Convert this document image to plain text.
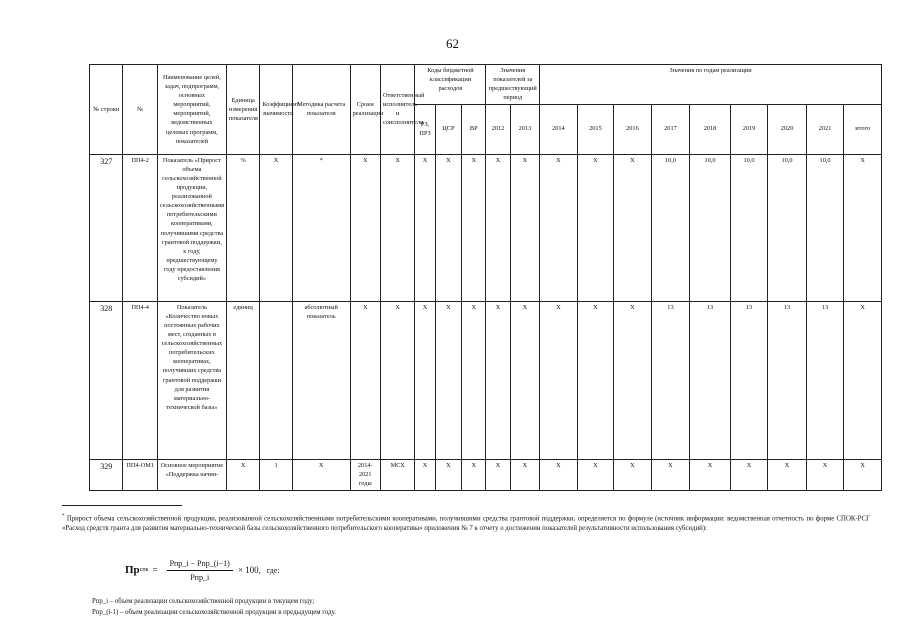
62
№ строки	№	Наименование целей, задач, подпрограмм, основных мероприятий, мероприятий, ведомственных целевых программ, показателей	Единица измерения показателя	Коэффициент значимости	Методика расчета показателя	Сроки реализации	Ответственный исполнитель и соисполнители	Коды бюджетной классификации расходов			Значения показателей за предшествующий период		Значения по годам реализации								
								РЗ, ПРЗ	ЦСР	ВР	2012	2013	2014	2015	2016	2017	2018	2019	2020	2021	итого
327	ПП4-2	Показатель «Прирост объема сельскохозяйственной продукции, реализованной сельскохозяйственными потребительскими кооперативами, получившими средства грантовой поддержки, к году, предшествующему году предоставления субсидий»	%	Х	*	Х	Х	Х	Х	Х	Х	Х	Х	Х	Х	10,0	10,0	10,0	10,0	10,0	Х
328	ПП4-4	Показатель «Количество новых постоянных рабочих мест, созданных в сельскохозяйственных потребительских кооперативах, получивших средства грантовой поддержки для развития материально-технической базы»	единиц		абсолютный показатель	Х	Х	Х	Х	Х	Х	Х	Х	Х	Х	13	13	13	13	13	Х
329	ПП4-ОМ1	Основное мероприятие «Поддержка начин-	Х	1	Х	2014-2021 годы	МСХ	Х	Х	Х	Х	Х	Х	Х	Х	Х	Х	Х	Х	Х	Х
* Прирост объема сельскохозяйственной продукции, реализованной сельскохозяйственными потребительскими кооперативами, получившими средства грантовой поддержки, определяется по формуле (источник информации: ведомственная отчетность по форме СПОК-РСГ «Расход средств гранта для развития материально-технической базы сельскохозяйственного потребительского кооператива» приложения № 7 к отчету о достижении показателей результативности использования субсидий):
Пр спк = $\frac{\text{Рпр\_i − Рпр\_(i−1)}}{\text{Рпр\_i}} \times 100$, где:
Рпр_i – объем реализации сельскохозяйственной продукции в текущем году;
Рпр_(i-1) – объем реализации сельскохозяйственной продукции в предыдущем году.
